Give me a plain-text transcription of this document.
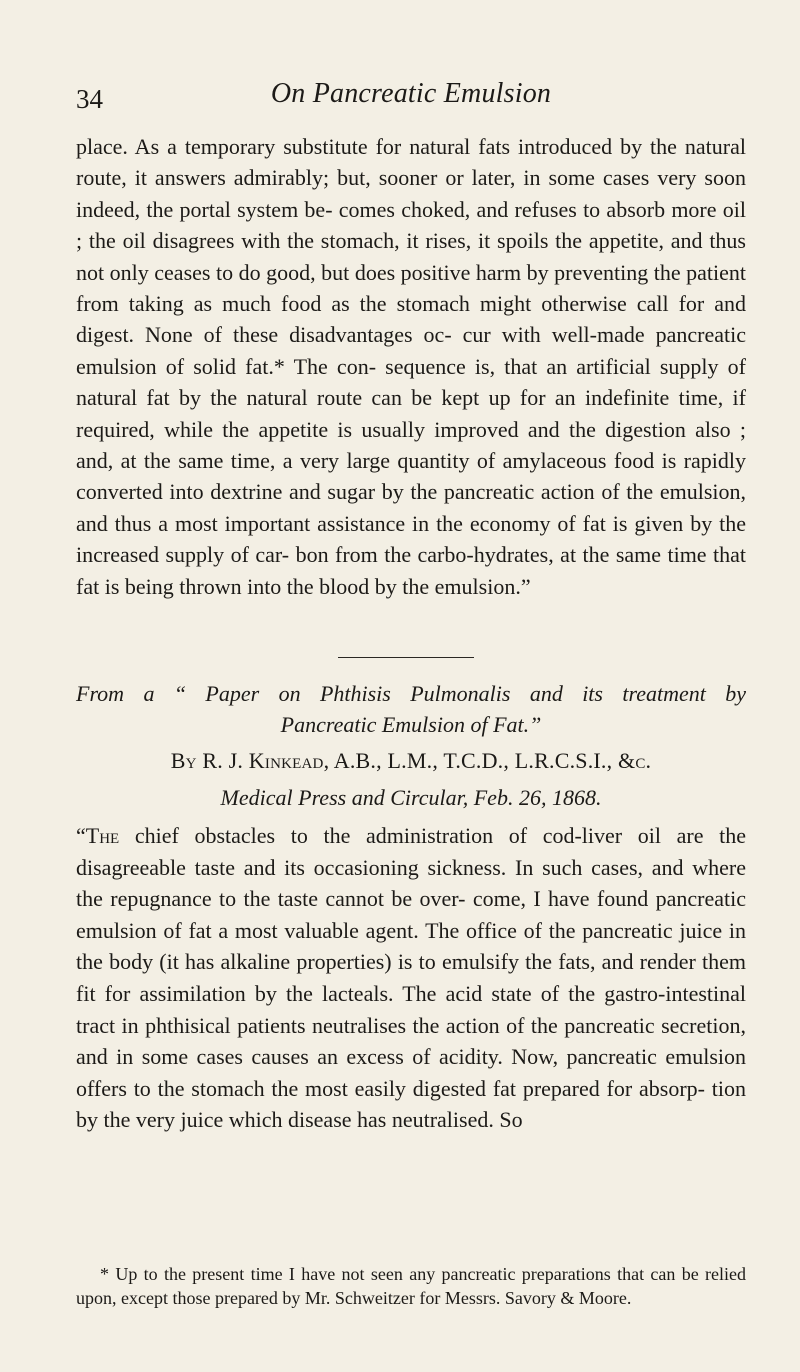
34	On Pancreatic Emulsion

place. As a temporary substitute for natural fats introduced by the natural route, it answers admirably; but, sooner or later, in some cases very soon indeed, the portal system be- comes choked, and refuses to absorb more oil ; the oil disagrees with the stomach, it rises, it spoils the appetite, and thus not only ceases to do good, but does positive harm by preventing the patient from taking as much food as the stomach might otherwise call for and digest. None of these disadvantages oc- cur with well-made pancreatic emulsion of solid fat.* The con- sequence is, that an artificial supply of natural fat by the natural route can be kept up for an indefinite time, if required, while the appetite is usually improved and the digestion also ; and, at the same time, a very large quantity of amylaceous food is rapidly converted into dextrine and sugar by the pancreatic action of the emulsion, and thus a most important assistance in the economy of fat is given by the increased supply of car- bon from the carbo-hydrates, at the same time that fat is being thrown into the blood by the emulsion.”

From a “ Paper on Phthisis Pulmonalis and its treatment by
Pancreatic Emulsion of Fat.”
By R. J. Kinkead, A.B., L.M., T.C.D., L.R.C.S.I., &c.
Medical Press and Circular, Feb. 26, 1868.

“The chief obstacles to the administration of cod-liver oil are the disagreeable taste and its occasioning sickness. In such cases, and where the repugnance to the taste cannot be over- come, I have found pancreatic emulsion of fat a most valuable agent. The office of the pancreatic juice in the body (it has alkaline properties) is to emulsify the fats, and render them fit for assimilation by the lacteals. The acid state of the gastro-intestinal tract in phthisical patients neutralises the action of the pancreatic secretion, and in some cases causes an excess of acidity. Now, pancreatic emulsion offers to the stomach the most easily digested fat prepared for absorp- tion by the very juice which disease has neutralised. So

* Up to the present time I have not seen any pancreatic preparations that can be relied upon, except those prepared by Mr. Schweitzer for Messrs. Savory & Moore.
